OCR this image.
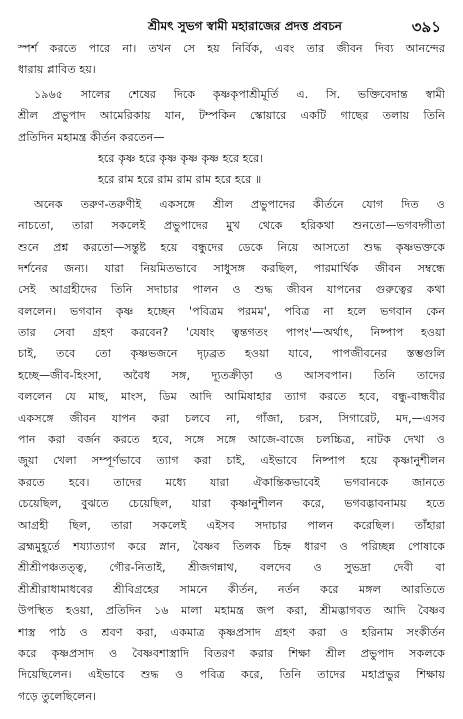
শ্রীমৎ সুভগ স্বামী মহারাজের প্রদত্ত প্রবচন	৩৯১
স্পর্শ করতে পারে না। তখন সে হয় নির্বিক, এবং তার জীবন দিব্য আনন্দের
ধারায় প্লাবিত হয়।
১৯৬৫ সালের শেষের দিকে কৃষ্ণকৃপাশ্রীমূর্তি এ. সি. ভক্তিবেদান্ত স্বামী
শ্রীল প্রভুপাদ আমেরিকায় যান, টম্পকিন স্কোয়ারে একটি গাছের তলায় তিনি
প্রতিদিন মহামন্ত্র কীর্তন করতেন—
হরে কৃষ্ণ হরে কৃষ্ণ কৃষ্ণ কৃষ্ণ হরে হরে।
হরে রাম হরে রাম রাম রাম হরে হরে ॥
অনেক তরুণ-তরুণীই একসঙ্গে শ্রীল প্রভুপাদের কীর্তনে যোগ দিত ও
নাচতো, তারা সকলেই প্রভুপাদের মুখ থেকে হরিকথা শুনতো—ভগবদ্গীতা
শুনে প্রশ্ন করতো—সন্তুষ্ট হয়ে বন্ধুদের ডেকে নিয়ে আসতো শুদ্ধ কৃষ্ণভক্তকে
দর্শনের জন্য। যারা নিয়মিতভাবে সাধুসঙ্গ করছিল, পারমার্থিক জীবন সম্বন্ধে
সেই আগ্রহীদের তিনি সদাচার পালন ও শুদ্ধ জীবন যাপনের গুরুত্বের কথা
বললেন। ভগবান কৃষ্ণ হচ্ছেন 'পবিত্রম পরমম', পবিত্র না হলে ভগবান কেন
তার সেবা গ্রহণ করবেন? 'যেষাং ত্বন্তগতং পাপং'—অর্থাৎ, নিষ্পাপ হওয়া
চাই, তবে তো কৃষ্ণভজনে দৃঢ়ব্রত হওয়া যাবে, পাপজীবনের স্তম্ভগুলি
হচ্ছে—জীব-হিংসা, অবৈধ সঙ্গ, দ্যূতক্রীড়া ও আসবপান। তিনি তাদের
বললেন যে মাছ, মাংস, ডিম আদি আমিষাহার ত্যাগ করতে হবে, বন্ধু-বান্ধবীর
একসঙ্গে জীবন যাপন করা চলবে না, গাঁজা, চরস, সিগারেট, মদ,—এসব
পান করা বর্জন করতে হবে, সঙ্গে সঙ্গে আজে-বাজে চলচ্চিত্র, নাটক দেখা ও
জুয়া খেলা সম্পূর্ণভাবে ত্যাগ করা চাই, এইভাবে নিষ্পাপ হয়ে কৃষ্ণানুশীলন
করতে হবে। তাদের মধ্যে যারা ঐকান্তিকভাবেই ভগবানকে জানতে
চেয়েছিল, বুঝতে চেয়েছিল, যারা কৃষ্ণানুশীলন করে, ভগবদ্ভাবনাময় হতে
আগ্রহী ছিল, তারা সকলেই এইসব সদাচার পালন করেছিল। তাঁহারা
ব্রহ্মমুহূর্তে শয্যাত্যাগ করে স্নান, বৈষ্ণব তিলক চিহ্ন ধারণ ও পরিচ্ছন্ন পোষাকে
শ্রীশ্রীপঞ্চতত্ত্ব, গৌর-নিতাই, শ্রীজগন্নাথ, বলদেব ও সুভদ্রা দেবী বা
শ্রীশ্রীরাধামাধবের শ্রীবিগ্রহের সামনে কীর্তন, নর্তন করে মঙ্গল আরতিতে
উপস্থিত হওয়া, প্রতিদিন ১৬ মালা মহামন্ত্র জপ করা, শ্রীমদ্ভাগবত আদি বৈষ্ণব
শাস্ত্র পাঠ ও শ্রবণ করা, একমাত্র কৃষ্ণপ্রসাদ গ্রহণ করা ও হরিনাম সংকীর্তন
করে কৃষ্ণপ্রসাদ ও বৈষ্ণবশাস্ত্রাদি বিতরণ করার শিক্ষা শ্রীল প্রভুপাদ সকলকে
দিয়েছিলেন। এইভাবে শুদ্ধ ও পবিত্র করে, তিনি তাদের মহাপ্রভুর শিক্ষায়
গড়ে তুলেছিলেন।
